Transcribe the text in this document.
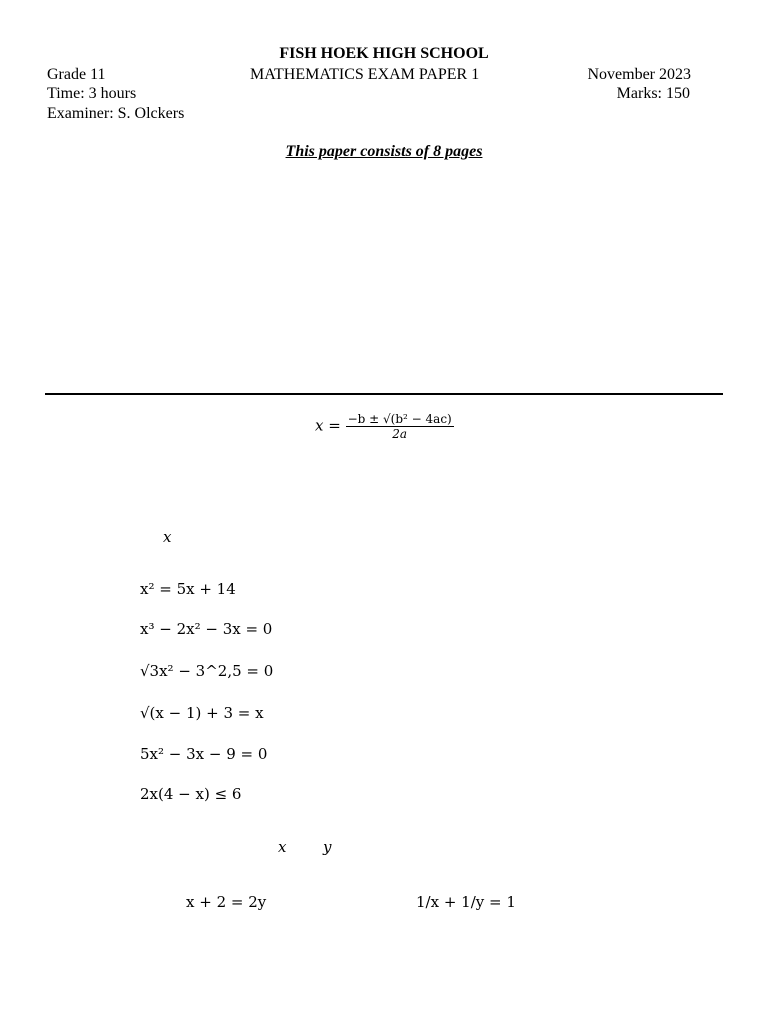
FISH HOEK HIGH SCHOOL
Grade 11	MATHEMATICS EXAM PAPER 1	November 2023
Time: 3 hours	Marks: 150
Examiner: S. Olckers
This paper consists of 8 pages
$x = \frac{\text{−b ± √(b² − 4ac)}}{2a}$
x
x² = 5x + 14
x³ − 2x² − 3x = 0
√3x² − 3^2,5 = 0
√(x − 1) + 3 = x
5x² − 3x − 9 = 0
2x(4 − x) ≤ 6
x y
x + 2 = 2y	1/x + 1/y = 1
